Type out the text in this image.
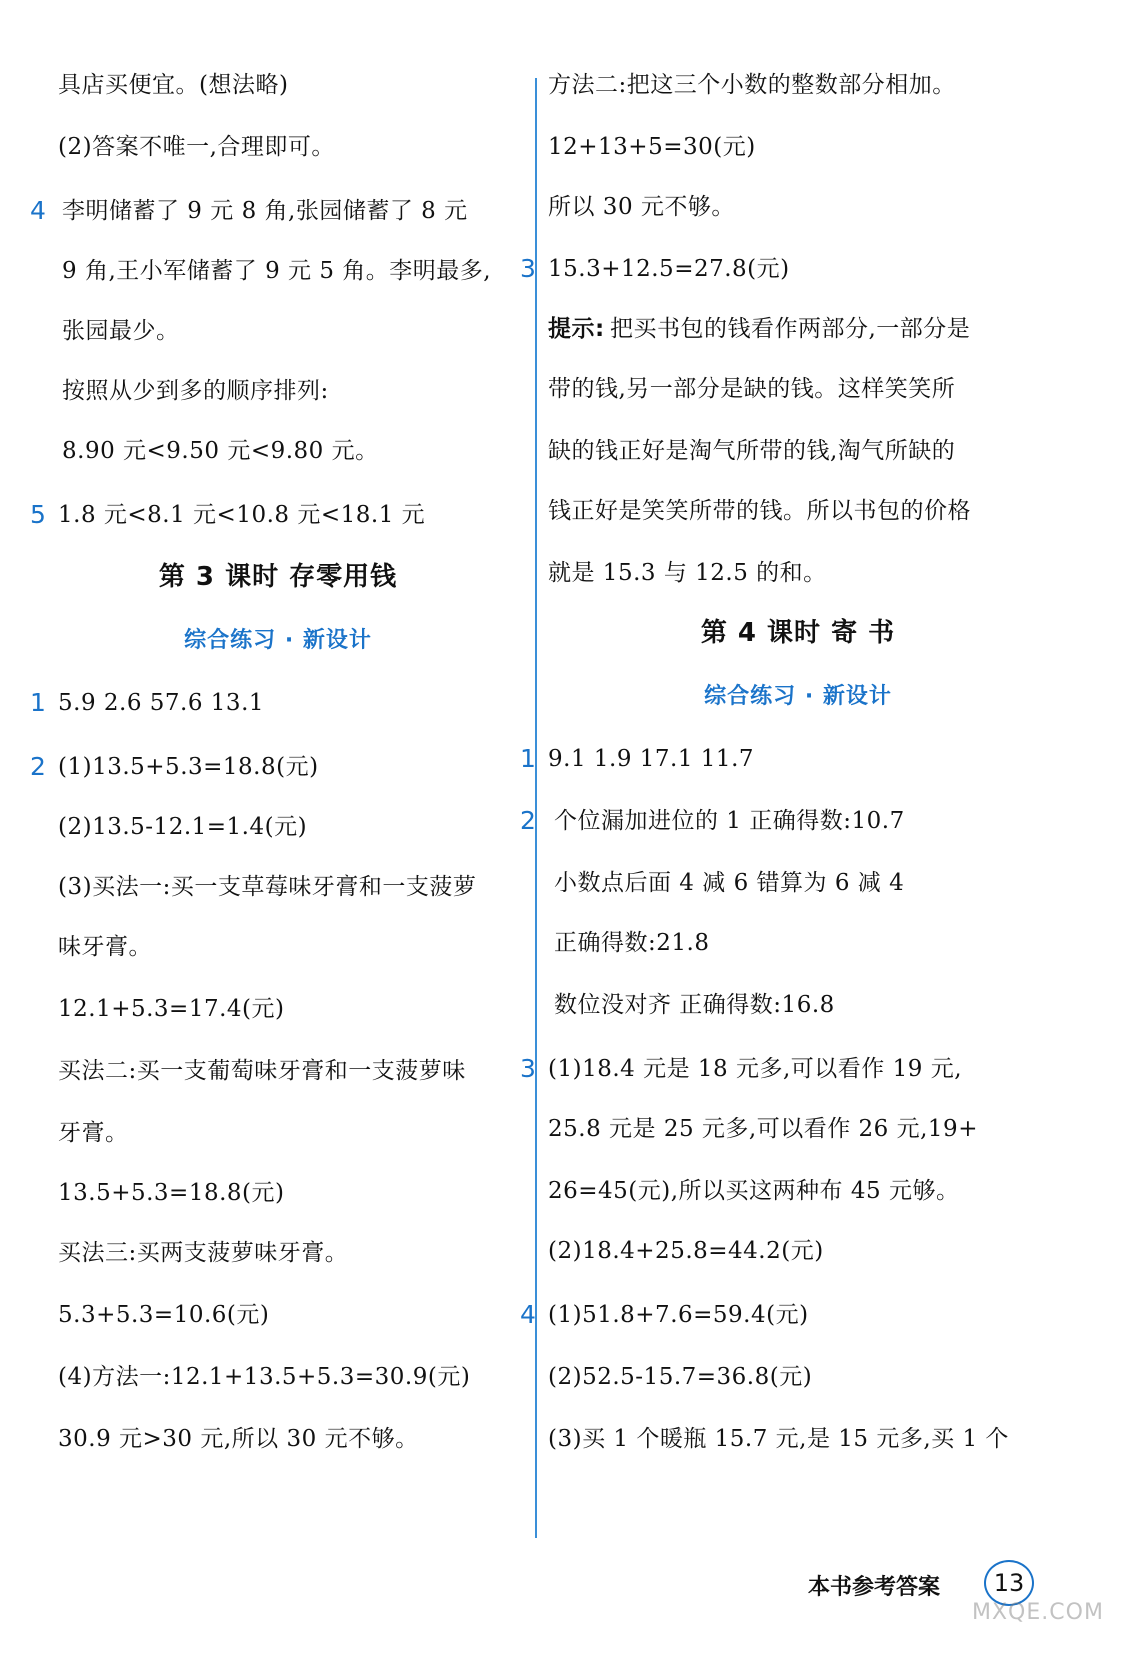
具店买便宜。(想法略)
(2)答案不唯一,合理即可。
4 李明储蓄了 9 元 8 角,张园储蓄了 8 元
9 角,王小军储蓄了 9 元 5 角。李明最多,
张园最少。
按照从少到多的顺序排列:
8.90 元<9.50 元<9.80 元。
5 1.8 元<8.1 元<10.8 元<18.1 元
第 3 课时 存零用钱
综合练习 · 新设计
1 5.9 2.6 57.6 13.1
2 (1)13.5+5.3=18.8(元)
(2)13.5-12.1=1.4(元)
(3)买法一:买一支草莓味牙膏和一支菠萝
味牙膏。
12.1+5.3=17.4(元)
买法二:买一支葡萄味牙膏和一支菠萝味
牙膏。
13.5+5.3=18.8(元)
买法三:买两支菠萝味牙膏。
5.3+5.3=10.6(元)
(4)方法一:12.1+13.5+5.3=30.9(元)
30.9 元>30 元,所以 30 元不够。
方法二:把这三个小数的整数部分相加。
12+13+5=30(元)
所以 30 元不够。
3 15.3+12.5=27.8(元)
提示: 把买书包的钱看作两部分,一部分是
带的钱,另一部分是缺的钱。这样笑笑所
缺的钱正好是淘气所带的钱,淘气所缺的
钱正好是笑笑所带的钱。所以书包的价格
就是 15.3 与 12.5 的和。
第 4 课时 寄 书
综合练习 · 新设计
1 9.1 1.9 17.1 11.7
2 个位漏加进位的 1 正确得数:10.7
小数点后面 4 减 6 错算为 6 减 4
正确得数:21.8
数位没对齐 正确得数:16.8
3 (1)18.4 元是 18 元多,可以看作 19 元,
25.8 元是 25 元多,可以看作 26 元,19+
26=45(元),所以买这两种布 45 元够。
(2)18.4+25.8=44.2(元)
4 (1)51.8+7.6=59.4(元)
(2)52.5-15.7=36.8(元)
(3)买 1 个暖瓶 15.7 元,是 15 元多,买 1 个
本书参考答案 13
MXQE.COM
